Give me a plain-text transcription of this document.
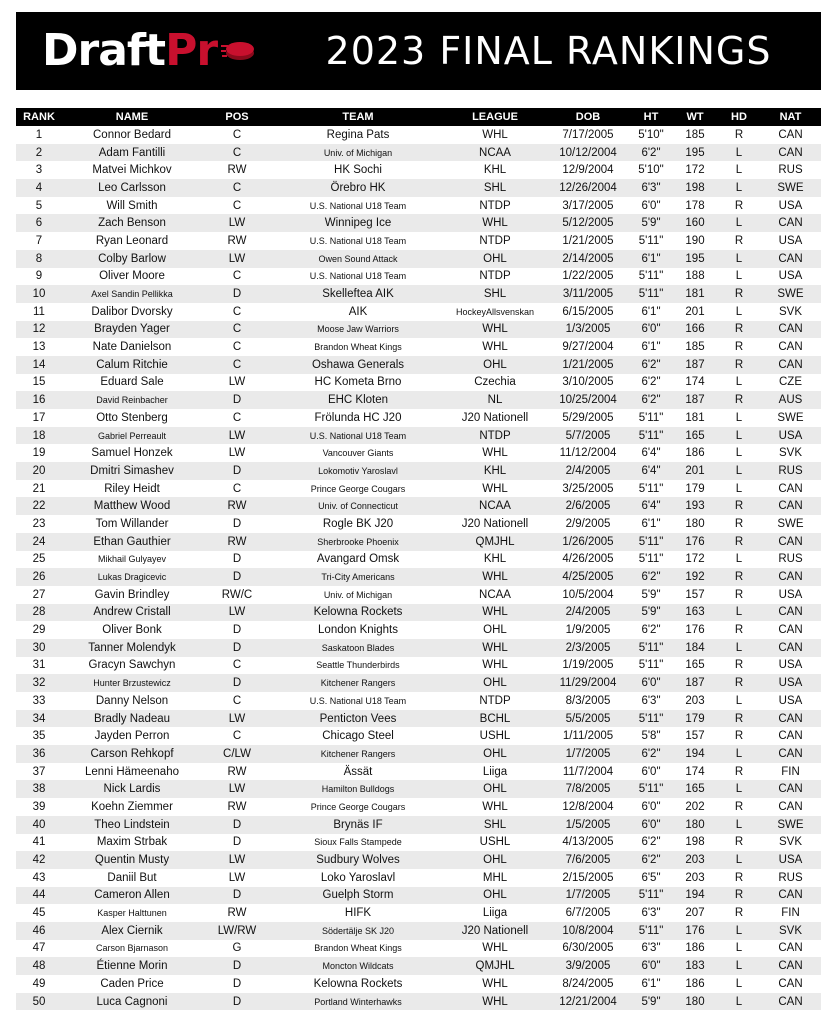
Draft Pr	2023 FINAL RANKINGS
RANK	NAME	POS	TEAM	LEAGUE	DOB	HT	WT	HD	NAT
1	Connor Bedard	C	Regina Pats	WHL	7/17/2005	5'10"	185	R	CAN
2	Adam Fantilli	C	Univ. of Michigan	NCAA	10/12/2004	6'2"	195	L	CAN
3	Matvei Michkov	RW	HK Sochi	KHL	12/9/2004	5'10"	172	L	RUS
4	Leo Carlsson	C	Örebro HK	SHL	12/26/2004	6'3"	198	L	SWE
5	Will Smith	C	U.S. National U18 Team	NTDP	3/17/2005	6'0"	178	R	USA
6	Zach Benson	LW	Winnipeg Ice	WHL	5/12/2005	5'9"	160	L	CAN
7	Ryan Leonard	RW	U.S. National U18 Team	NTDP	1/21/2005	5'11"	190	R	USA
8	Colby Barlow	LW	Owen Sound Attack	OHL	2/14/2005	6'1"	195	L	CAN
9	Oliver Moore	C	U.S. National U18 Team	NTDP	1/22/2005	5'11"	188	L	USA
10	Axel Sandin Pellikka	D	Skelleftea AIK	SHL	3/11/2005	5'11"	181	R	SWE
11	Dalibor Dvorsky	C	AIK	HockeyAllsvenskan	6/15/2005	6'1"	201	L	SVK
12	Brayden Yager	C	Moose Jaw Warriors	WHL	1/3/2005	6'0"	166	R	CAN
13	Nate Danielson	C	Brandon Wheat Kings	WHL	9/27/2004	6'1"	185	R	CAN
14	Calum Ritchie	C	Oshawa Generals	OHL	1/21/2005	6'2"	187	R	CAN
15	Eduard Sale	LW	HC Kometa Brno	Czechia	3/10/2005	6'2"	174	L	CZE
16	David Reinbacher	D	EHC Kloten	NL	10/25/2004	6'2"	187	R	AUS
17	Otto Stenberg	C	Frölunda HC J20	J20 Nationell	5/29/2005	5'11"	181	L	SWE
18	Gabriel Perreault	LW	U.S. National U18 Team	NTDP	5/7/2005	5'11"	165	L	USA
19	Samuel Honzek	LW	Vancouver Giants	WHL	11/12/2004	6'4"	186	L	SVK
20	Dmitri Simashev	D	Lokomotiv Yaroslavl	KHL	2/4/2005	6'4"	201	L	RUS
21	Riley Heidt	C	Prince George Cougars	WHL	3/25/2005	5'11"	179	L	CAN
22	Matthew Wood	RW	Univ. of Connecticut	NCAA	2/6/2005	6'4"	193	R	CAN
23	Tom Willander	D	Rogle BK J20	J20 Nationell	2/9/2005	6'1"	180	R	SWE
24	Ethan Gauthier	RW	Sherbrooke Phoenix	QMJHL	1/26/2005	5'11"	176	R	CAN
25	Mikhail Gulyayev	D	Avangard Omsk	KHL	4/26/2005	5'11"	172	L	RUS
26	Lukas Dragicevic	D	Tri-City Americans	WHL	4/25/2005	6'2"	192	R	CAN
27	Gavin Brindley	RW/C	Univ. of Michigan	NCAA	10/5/2004	5'9"	157	R	USA
28	Andrew Cristall	LW	Kelowna Rockets	WHL	2/4/2005	5'9"	163	L	CAN
29	Oliver Bonk	D	London Knights	OHL	1/9/2005	6'2"	176	R	CAN
30	Tanner Molendyk	D	Saskatoon Blades	WHL	2/3/2005	5'11"	184	L	CAN
31	Gracyn Sawchyn	C	Seattle Thunderbirds	WHL	1/19/2005	5'11"	165	R	USA
32	Hunter Brzustewicz	D	Kitchener Rangers	OHL	11/29/2004	6'0"	187	R	USA
33	Danny Nelson	C	U.S. National U18 Team	NTDP	8/3/2005	6'3"	203	L	USA
34	Bradly Nadeau	LW	Penticton Vees	BCHL	5/5/2005	5'11"	179	R	CAN
35	Jayden Perron	C	Chicago Steel	USHL	1/11/2005	5'8"	157	R	CAN
36	Carson Rehkopf	C/LW	Kitchener Rangers	OHL	1/7/2005	6'2"	194	L	CAN
37	Lenni Hämeenaho	RW	Ässät	Liiga	11/7/2004	6'0"	174	R	FIN
38	Nick Lardis	LW	Hamilton Bulldogs	OHL	7/8/2005	5'11"	165	L	CAN
39	Koehn Ziemmer	RW	Prince George Cougars	WHL	12/8/2004	6'0"	202	R	CAN
40	Theo Lindstein	D	Brynäs IF	SHL	1/5/2005	6'0"	180	L	SWE
41	Maxim Strbak	D	Sioux Falls Stampede	USHL	4/13/2005	6'2"	198	R	SVK
42	Quentin Musty	LW	Sudbury Wolves	OHL	7/6/2005	6'2"	203	L	USA
43	Daniil But	LW	Loko Yaroslavl	MHL	2/15/2005	6'5"	203	R	RUS
44	Cameron Allen	D	Guelph Storm	OHL	1/7/2005	5'11"	194	R	CAN
45	Kasper Halttunen	RW	HIFK	Liiga	6/7/2005	6'3"	207	R	FIN
46	Alex Ciernik	LW/RW	Södertälje SK J20	J20 Nationell	10/8/2004	5'11"	176	L	SVK
47	Carson Bjarnason	G	Brandon Wheat Kings	WHL	6/30/2005	6'3"	186	L	CAN
48	Étienne Morin	D	Moncton Wildcats	QMJHL	3/9/2005	6'0"	183	L	CAN
49	Caden Price	D	Kelowna Rockets	WHL	8/24/2005	6'1"	186	L	CAN
50	Luca Cagnoni	D	Portland Winterhawks	WHL	12/21/2004	5'9"	180	L	CAN
